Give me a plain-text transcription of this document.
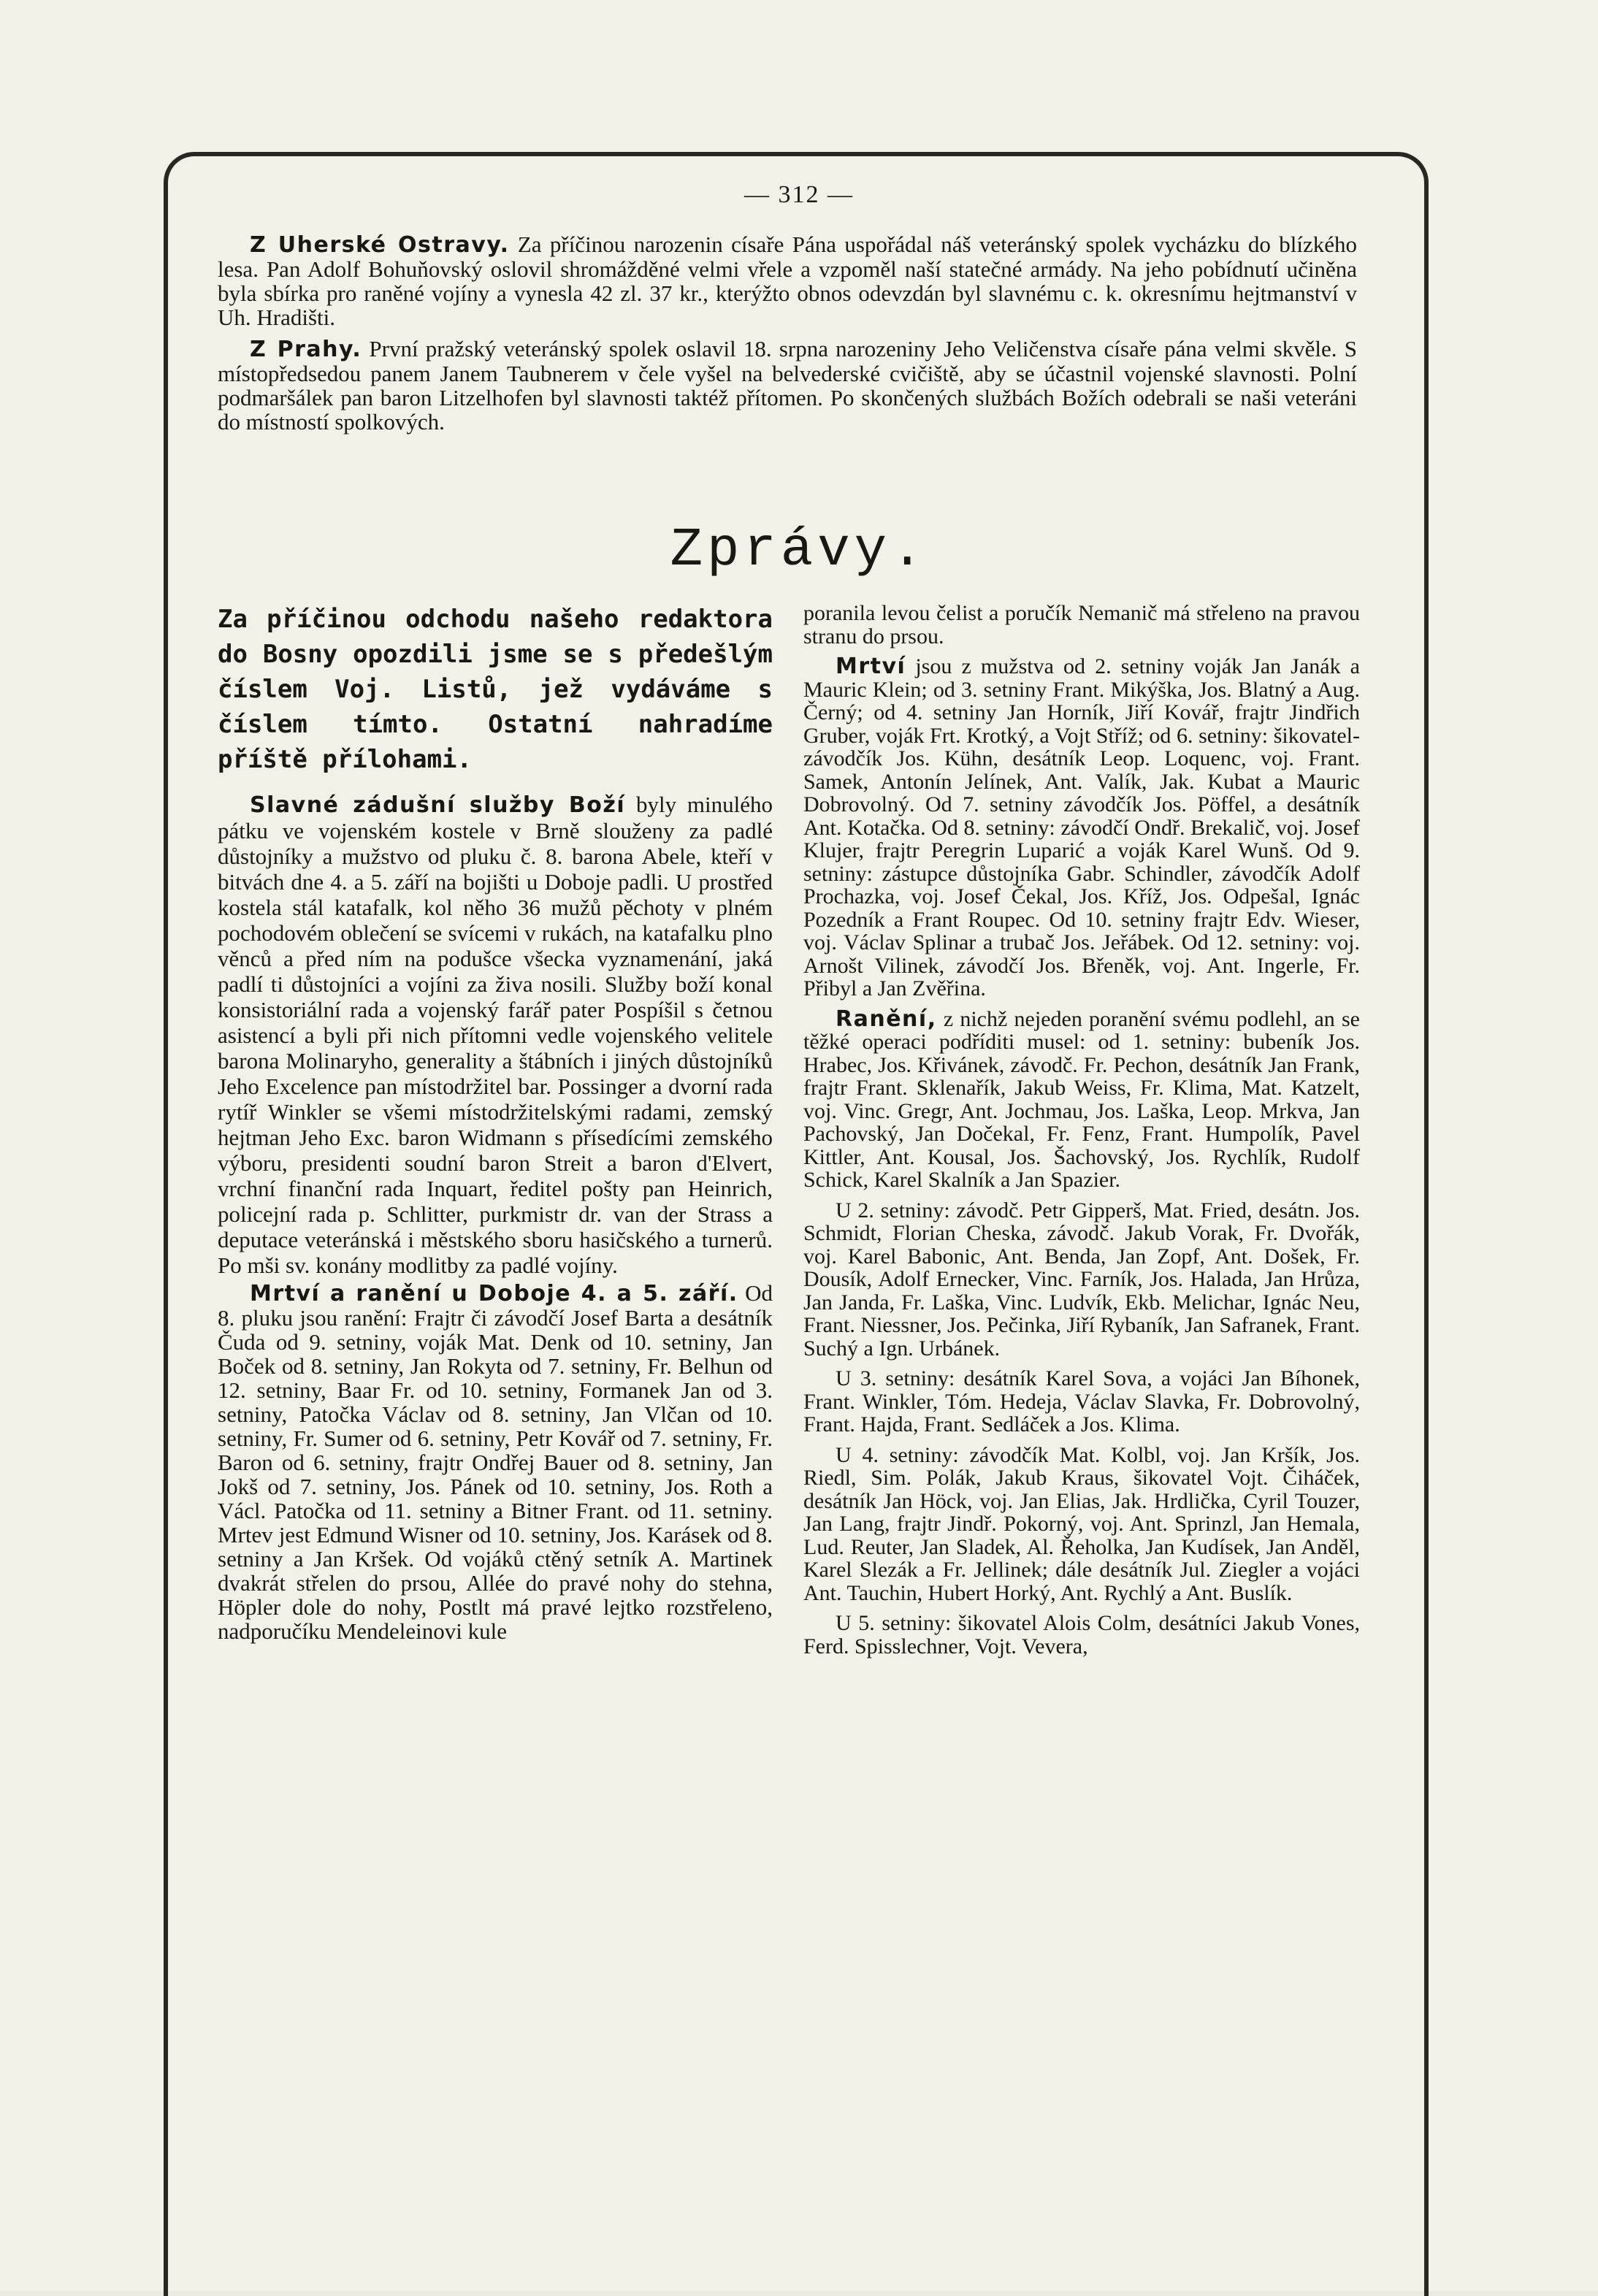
— 312 —

Z Uherské Ostravy. Za příčinou narozenin císaře Pána uspořádal náš veteránský spolek vycházku do blízkého lesa. Pan Adolf Bohuňovský oslovil shromážděné velmi vřele a vzpoměl naší statečné armády. Na jeho pobídnutí učiněna byla sbírka pro raněné vojíny a vynesla 42 zl. 37 kr., kterýžto obnos odevzdán byl slavnému c. k. okresnímu hejtmanství v Uh. Hradišti.

Z Prahy. První pražský veteránský spolek oslavil 18. srpna narozeniny Jeho Veličenstva císaře pána velmi skvěle. S místopředsedou panem Janem Taubnerem v čele vyšel na belvederské cvičiště, aby se účastnil vojenské slavnosti. Polní podmaršálek pan baron Litzelhofen byl slavnosti taktéž přítomen. Po skončených službách Božích odebrali se naši veteráni do místností spolkových.

Zprávy.

Za příčinou odchodu našeho redaktora do Bosny opozdili jsme se s předešlým číslem Voj. Listů, jež vydáváme s číslem tímto. Ostatní nahradíme příště přílohami.

Slavné zádušní služby Boží byly minulého pátku ve vojenském kostele v Brně slouženy za padlé důstojníky a mužstvo od pluku č. 8. barona Abele, kteří v bitvách dne 4. a 5. září na bojišti u Doboje padli. U prostřed kostela stál katafalk, kol něho 36 mužů pěchoty v plném pochodovém oblečení se svícemi v rukách, na katafalku plno věnců a před ním na podušce všecka vyznamenání, jaká padlí ti důstojníci a vojíni za živa nosili. Služby boží konal konsistoriální rada a vojenský farář pater Pospíšil s četnou asistencí a byli při nich přítomni vedle vojenského velitele barona Molinaryho, generality a štábních i jiných důstojníků Jeho Excelence pan místodržitel bar. Possinger a dvorní rada rytíř Winkler se všemi místodržitelskými radami, zemský hejtman Jeho Exc. baron Widmann s přísedícími zemského výboru, presidenti soudní baron Streit a baron d'Elvert, vrchní finanční rada Inquart, ředitel pošty pan Heinrich, policejní rada p. Schlitter, purkmistr dr. van der Strass a deputace veteránská i městského sboru hasičského a turnerů. Po mši sv. konány modlitby za padlé vojíny.

Mrtví a ranění u Doboje 4. a 5. září. Od 8. pluku jsou ranění: Frajtr či závodčí Josef Barta a desátník Čuda od 9. setniny, voják Mat. Denk od 10. setniny, Jan Boček od 8. setniny, Jan Rokyta od 7. setniny, Fr. Belhun od 12. setniny, Baar Fr. od 10. setniny, Formanek Jan od 3. setniny, Patočka Václav od 8. setniny, Jan Vlčan od 10. setniny, Fr. Sumer od 6. setniny, Petr Kovář od 7. setniny, Fr. Baron od 6. setniny, frajtr Ondřej Bauer od 8. setniny, Jan Jokš od 7. setniny, Jos. Pánek od 10. setniny, Jos. Roth a Václ. Patočka od 11. setniny a Bitner Frant. od 11. setniny. Mrtev jest Edmund Wisner od 10. setniny, Jos. Karásek od 8. setniny a Jan Kršek. Od vojáků ctěný setník A. Martinek dvakrát střelen do prsou, Allée do pravé nohy do stehna, Höpler dole do nohy, Postlt má pravé lejtko rozstřeleno, nadporučíku Mendeleinovi kule

poranila levou čelist a poručík Nemanič má střeleno na pravou stranu do prsou.

Mrtví jsou z mužstva od 2. setniny voják Jan Janák a Mauric Klein; od 3. setniny Frant. Mikýška, Jos. Blatný a Aug. Černý; od 4. setniny Jan Horník, Jiří Kovář, frajtr Jindřich Gruber, voják Frt. Krotký, a Vojt Stříž; od 6. setniny: šikovatel-závodčík Jos. Kühn, desátník Leop. Loquenc, voj. Frant. Samek, Antonín Jelínek, Ant. Valík, Jak. Kubat a Mauric Dobrovolný. Od 7. setniny závodčík Jos. Pöffel, a desátník Ant. Kotačka. Od 8. setniny: závodčí Ondř. Brekalič, voj. Josef Klujer, frajtr Peregrin Luparić a voják Karel Wunš. Od 9. setniny: zástupce důstojníka Gabr. Schindler, závodčík Adolf Prochazka, voj. Josef Čekal, Jos. Kříž, Jos. Odpešal, Ignác Pozedník a Frant Roupec. Od 10. setniny frajtr Edv. Wieser, voj. Václav Splinar a trubač Jos. Jeřábek. Od 12. setniny: voj. Arnošt Vilinek, závodčí Jos. Břeněk, voj. Ant. Ingerle, Fr. Přibyl a Jan Zvěřina.

Ranění, z nichž nejeden poranění svému podlehl, an se těžké operaci podříditi musel: od 1. setniny: bubeník Jos. Hrabec, Jos. Křivánek, závodč. Fr. Pechon, desátník Jan Frank, frajtr Frant. Sklenařík, Jakub Weiss, Fr. Klima, Mat. Katzelt, voj. Vinc. Gregr, Ant. Jochmau, Jos. Laška, Leop. Mrkva, Jan Pachovský, Jan Dočekal, Fr. Fenz, Frant. Humpolík, Pavel Kittler, Ant. Kousal, Jos. Šachovský, Jos. Rychlík, Rudolf Schick, Karel Skalník a Jan Spazier.

U 2. setniny: závodč. Petr Gipperš, Mat. Fried, desátn. Jos. Schmidt, Florian Cheska, závodč. Jakub Vorak, Fr. Dvořák, voj. Karel Babonic, Ant. Benda, Jan Zopf, Ant. Došek, Fr. Dousík, Adolf Ernecker, Vinc. Farník, Jos. Halada, Jan Hrůza, Jan Janda, Fr. Laška, Vinc. Ludvík, Ekb. Melichar, Ignác Neu, Frant. Niessner, Jos. Pečinka, Jiří Rybaník, Jan Safranek, Frant. Suchý a Ign. Urbánek.

U 3. setniny: desátník Karel Sova, a vojáci Jan Bíhonek, Frant. Winkler, Tóm. Hedeja, Václav Slavka, Fr. Dobrovolný, Frant. Hajda, Frant. Sedláček a Jos. Klima.

U 4. setniny: závodčík Mat. Kolbl, voj. Jan Kršík, Jos. Riedl, Sim. Polák, Jakub Kraus, šikovatel Vojt. Čiháček, desátník Jan Höck, voj. Jan Elias, Jak. Hrdlička, Cyril Touzer, Jan Lang, frajtr Jindř. Pokorný, voj. Ant. Sprinzl, Jan Hemala, Lud. Reuter, Jan Sladek, Al. Řeholka, Jan Kudísek, Jan Anděl, Karel Slezák a Fr. Jellinek; dále desátník Jul. Ziegler a vojáci Ant. Tauchin, Hubert Horký, Ant. Rychlý a Ant. Buslík.

U 5. setniny: šikovatel Alois Colm, desátníci Jakub Vones, Ferd. Spisslechner, Vojt. Vevera,
